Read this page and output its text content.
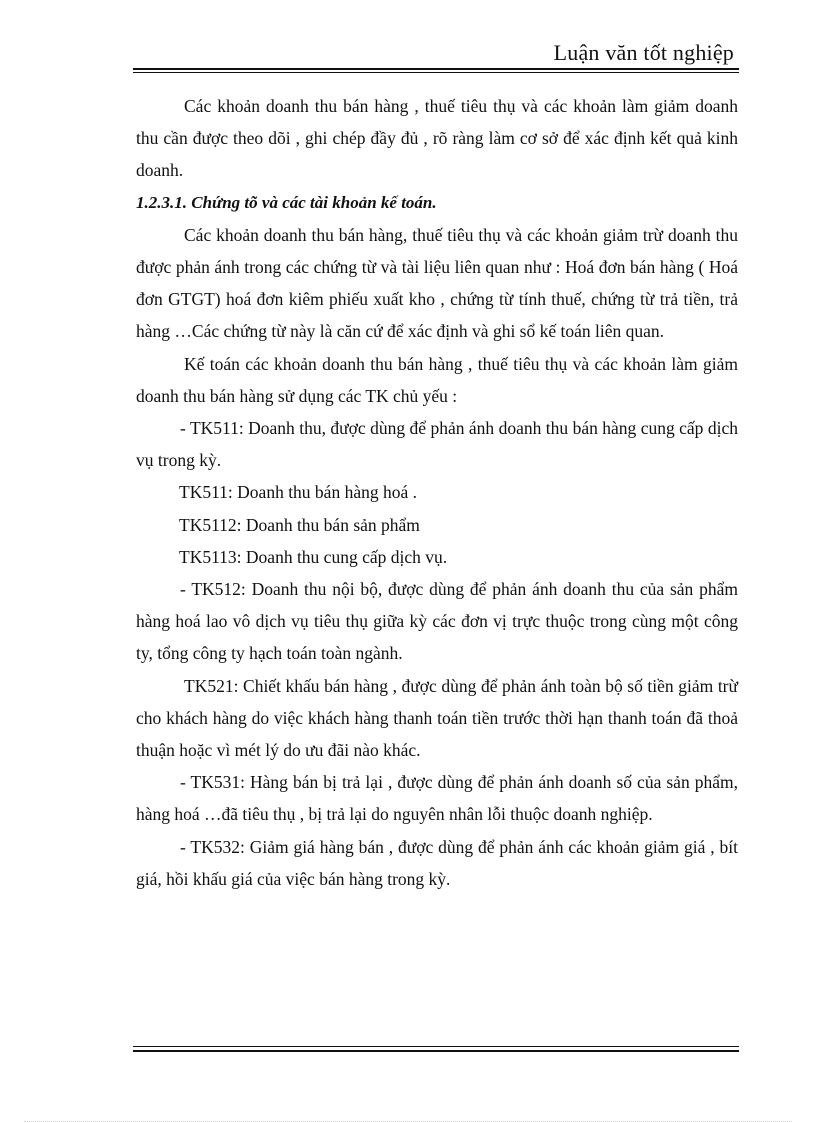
Luận văn tốt nghiệp

Các khoản doanh thu bán hàng , thuế tiêu thụ và các khoản làm giảm doanh thu cần được theo dõi , ghi chép đầy đủ , rõ ràng làm cơ sở để xác định kết quả kinh doanh.

1.2.3.1. Chứng tõ và các tài khoản kế toán.

Các khoản doanh thu bán hàng, thuế tiêu thụ và các khoản giảm trừ doanh thu được phản ánh trong các chứng từ và tài liệu liên quan như : Hoá đơn bán hàng ( Hoá đơn GTGT) hoá đơn kiêm phiếu xuất kho , chứng từ tính thuế, chứng từ trả tiền, trả hàng …Các chứng từ này là căn cứ để xác định và ghi sổ kế toán liên quan.

Kế toán các khoản doanh thu bán hàng , thuế tiêu thụ và các khoản làm giảm doanh thu bán hàng sử dụng các TK chủ yếu :

- TK511: Doanh thu, được dùng để phản ánh doanh thu bán hàng cung cấp dịch vụ trong kỳ.

TK511: Doanh thu bán hàng hoá .

TK5112: Doanh thu bán sản phẩm

TK5113: Doanh thu cung cấp dịch vụ.

- TK512: Doanh thu nội bộ, được dùng để phản ánh doanh thu của sản phẩm hàng hoá lao vô dịch vụ tiêu thụ giữa kỳ các đơn vị trực thuộc trong cùng một công ty, tổng công ty hạch toán toàn ngành.

TK521: Chiết khấu bán hàng , được dùng để phản ánh toàn bộ số tiền giảm trừ cho khách hàng do việc khách hàng thanh toán tiền trước thời hạn thanh toán đã thoả thuận hoặc vì mét lý do ưu đãi nào khác.

- TK531: Hàng bán bị trả lại , được dùng để phản ánh doanh số của sản phẩm, hàng hoá …đã tiêu thụ , bị trả lại do nguyên nhân lỗi thuộc doanh nghiệp.

- TK532: Giảm giá hàng bán , được dùng để phản ánh các khoản giảm giá , bít giá, hồi khấu giá của việc bán hàng trong kỳ.
